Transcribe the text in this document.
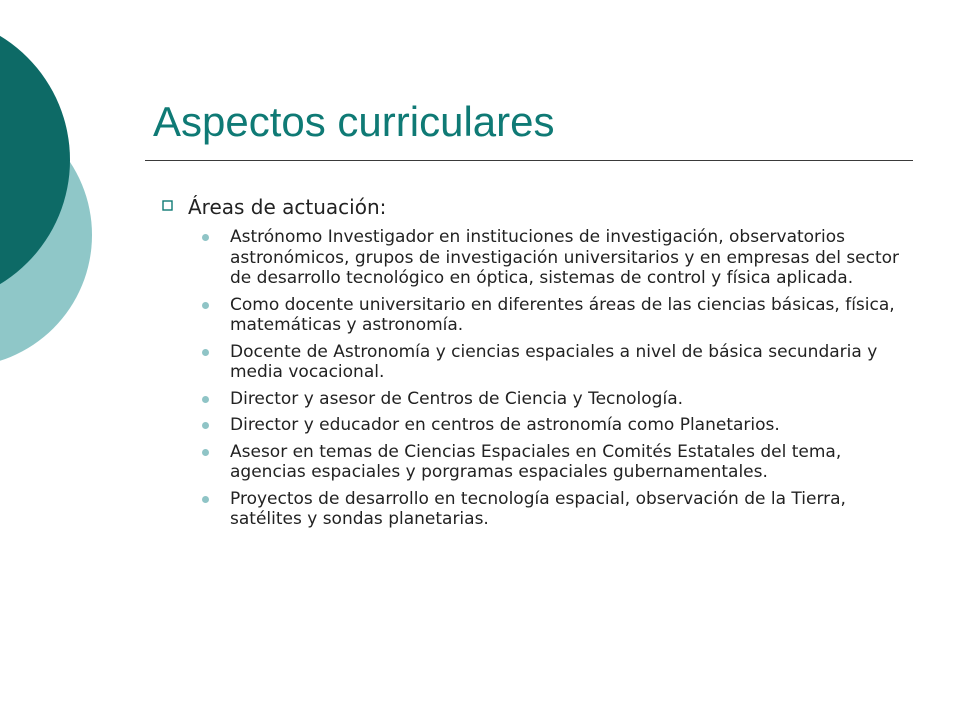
Aspectos curriculares
Áreas de actuación:
Astrónomo Investigador en instituciones de investigación, observatorios astronómicos, grupos de investigación universitarios y en empresas del sector de desarrollo tecnológico en óptica, sistemas de control y física aplicada.
Como docente universitario en diferentes áreas de las ciencias básicas, física, matemáticas y astronomía.
Docente de Astronomía y ciencias espaciales a nivel de básica secundaria y media vocacional.
Director y asesor de Centros de Ciencia y Tecnología.
Director y educador en centros de astronomía como Planetarios.
Asesor en temas de Ciencias Espaciales en Comités Estatales del tema, agencias espaciales y porgramas espaciales gubernamentales.
Proyectos de desarrollo en tecnología espacial, observación de la Tierra, satélites y sondas planetarias.
